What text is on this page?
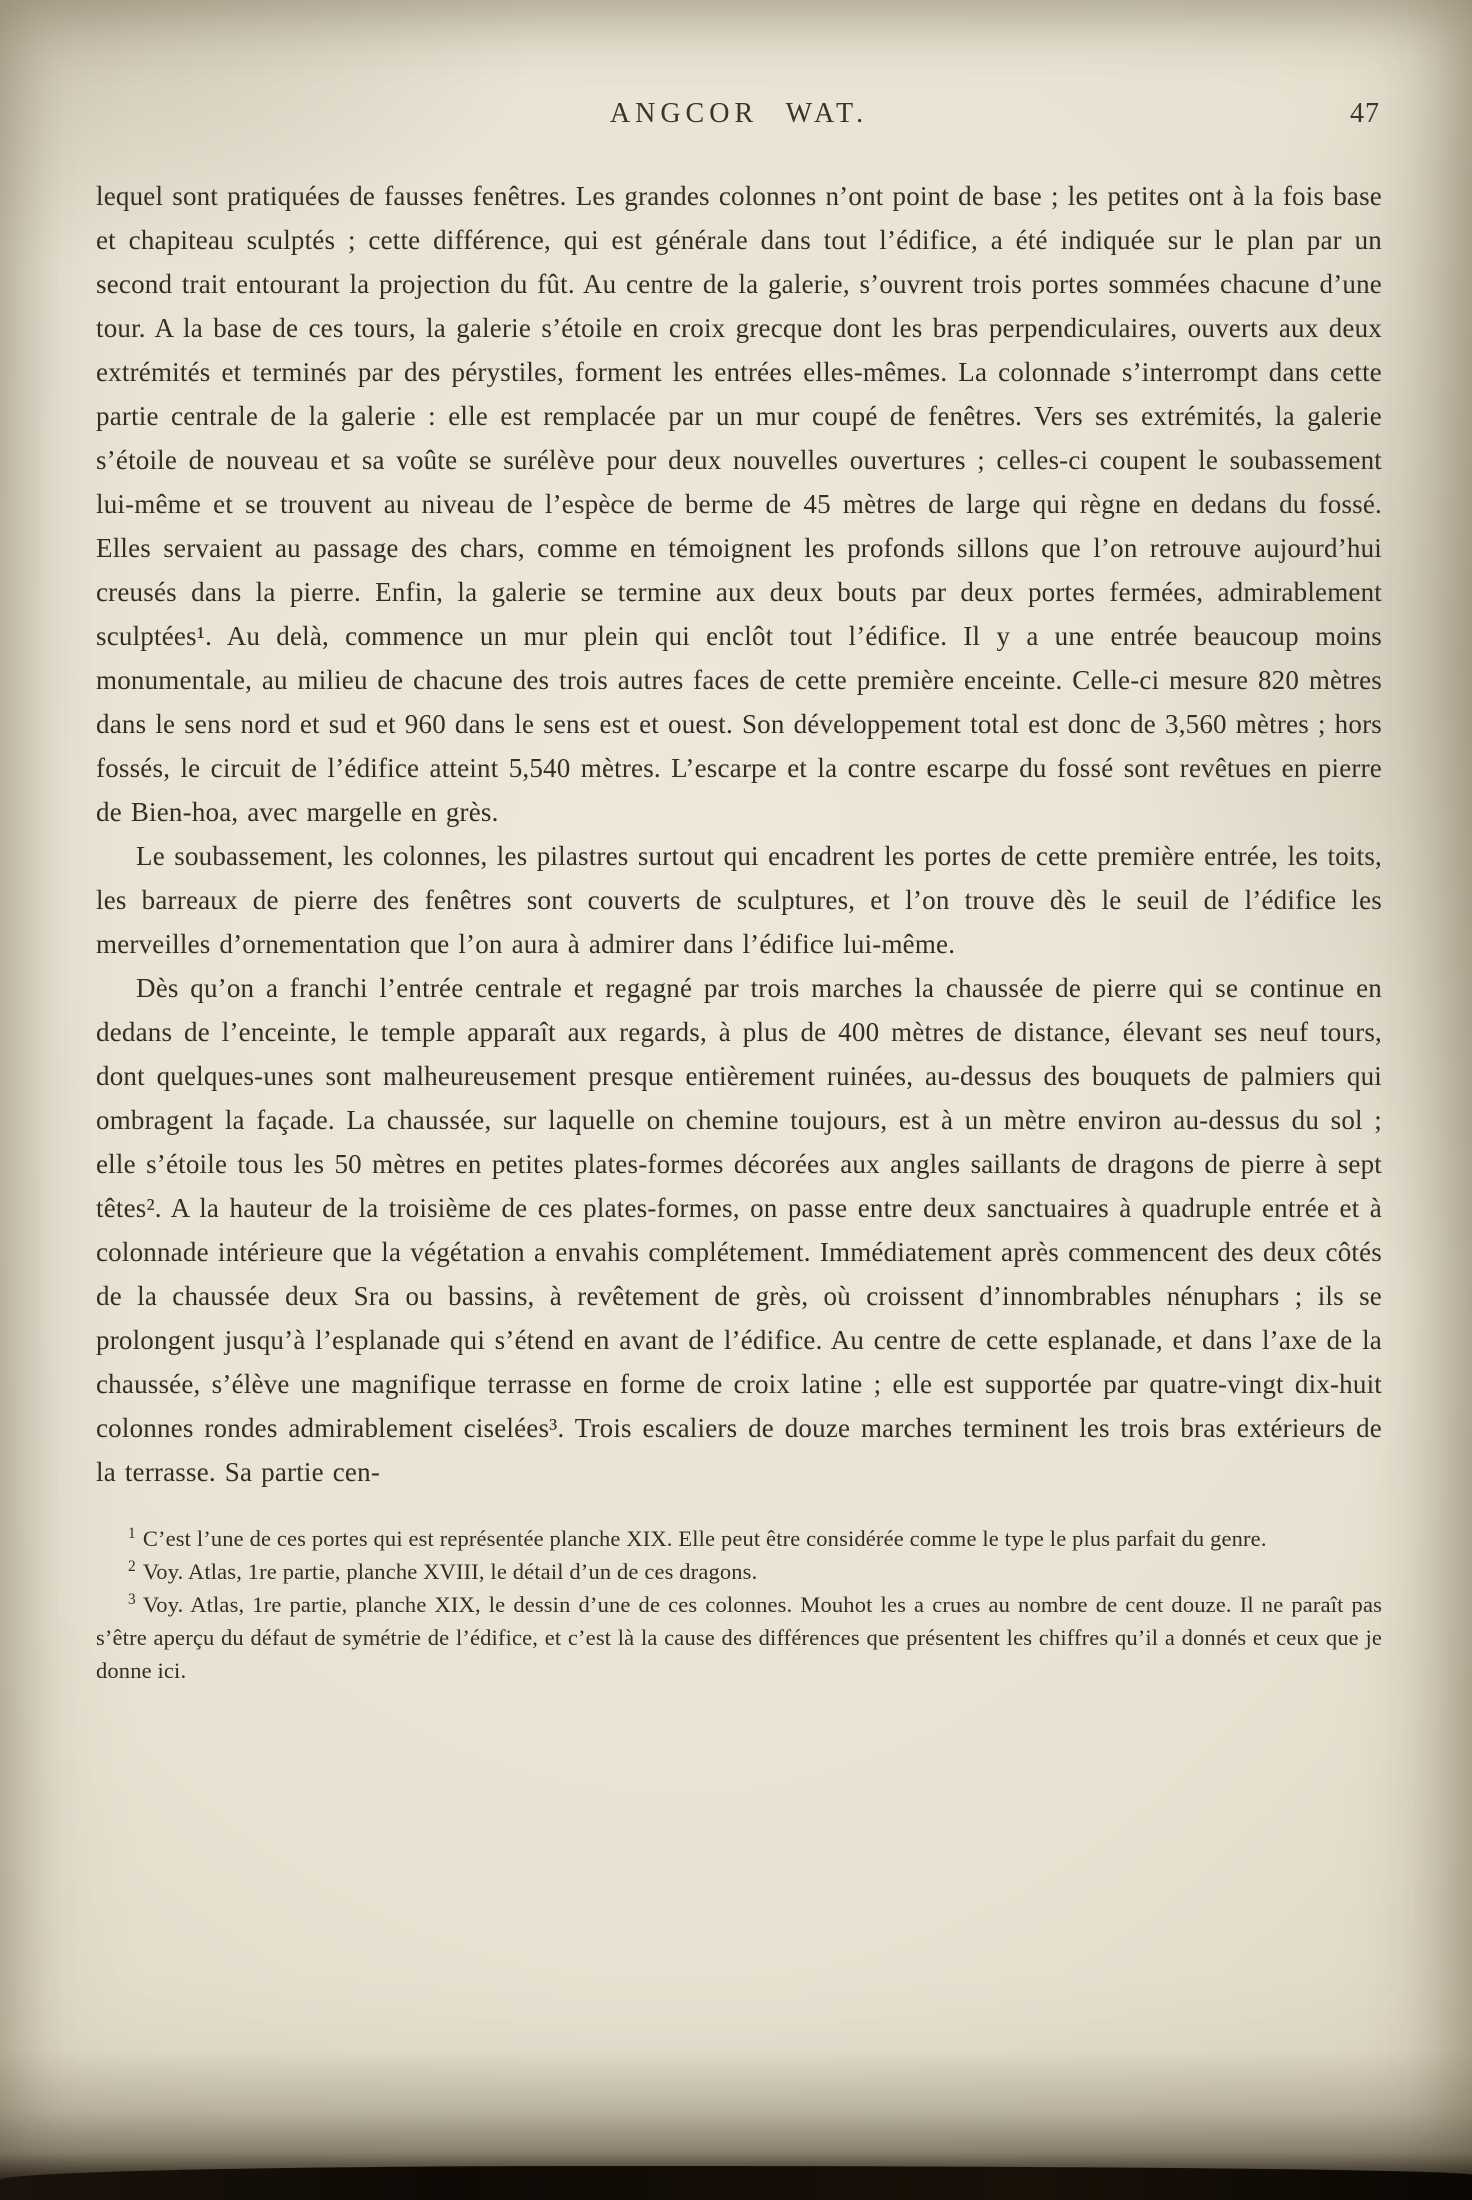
ANGCOR WAT.	47

lequel sont pratiquées de fausses fenêtres. Les grandes colonnes n’ont point de base ; les petites ont à la fois base et chapiteau sculptés ; cette différence, qui est générale dans tout l’édifice, a été indiquée sur le plan par un second trait entourant la projection du fût. Au centre de la galerie, s’ouvrent trois portes sommées chacune d’une tour. A la base de ces tours, la galerie s’étoile en croix grecque dont les bras perpendiculaires, ouverts aux deux extrémités et terminés par des pérystiles, forment les entrées elles-mêmes. La colonnade s’interrompt dans cette partie centrale de la galerie : elle est remplacée par un mur coupé de fenêtres. Vers ses extrémités, la galerie s’étoile de nouveau et sa voûte se surélève pour deux nouvelles ouvertures ; celles-ci coupent le soubassement lui-même et se trouvent au niveau de l’espèce de berme de 45 mètres de large qui règne en dedans du fossé. Elles servaient au passage des chars, comme en témoignent les profonds sillons que l’on retrouve aujourd’hui creusés dans la pierre. Enfin, la galerie se termine aux deux bouts par deux portes fermées, admirablement sculptées¹. Au delà, commence un mur plein qui enclôt tout l’édifice. Il y a une entrée beaucoup moins monumentale, au milieu de chacune des trois autres faces de cette première enceinte. Celle-ci mesure 820 mètres dans le sens nord et sud et 960 dans le sens est et ouest. Son développement total est donc de 3,560 mètres ; hors fossés, le circuit de l’édifice atteint 5,540 mètres. L’escarpe et la contre escarpe du fossé sont revêtues en pierre de Bien-hoa, avec margelle en grès.

Le soubassement, les colonnes, les pilastres surtout qui encadrent les portes de cette première entrée, les toits, les barreaux de pierre des fenêtres sont couverts de sculptures, et l’on trouve dès le seuil de l’édifice les merveilles d’ornementation que l’on aura à admirer dans l’édifice lui-même.

Dès qu’on a franchi l’entrée centrale et regagné par trois marches la chaussée de pierre qui se continue en dedans de l’enceinte, le temple apparaît aux regards, à plus de 400 mètres de distance, élevant ses neuf tours, dont quelques-unes sont malheureusement presque entièrement ruinées, au-dessus des bouquets de palmiers qui ombragent la façade. La chaussée, sur laquelle on chemine toujours, est à un mètre environ au-dessus du sol ; elle s’étoile tous les 50 mètres en petites plates-formes décorées aux angles saillants de dragons de pierre à sept têtes². A la hauteur de la troisième de ces plates-formes, on passe entre deux sanctuaires à quadruple entrée et à colonnade intérieure que la végétation a envahis complétement. Immédiatement après commencent des deux côtés de la chaussée deux Sra ou bassins, à revêtement de grès, où croissent d’innombrables nénuphars ; ils se prolongent jusqu’à l’esplanade qui s’étend en avant de l’édifice. Au centre de cette esplanade, et dans l’axe de la chaussée, s’élève une magnifique terrasse en forme de croix latine ; elle est supportée par quatre-vingt dix-huit colonnes rondes admirablement ciselées³. Trois escaliers de douze marches terminent les trois bras extérieurs de la terrasse. Sa partie cen-

$^1$ C’est l’une de ces portes qui est représentée planche XIX. Elle peut être considérée comme le type le plus parfait du genre.

$^2$ Voy. Atlas, 1re partie, planche XVIII, le détail d’un de ces dragons.

$^3$ Voy. Atlas, 1re partie, planche XIX, le dessin d’une de ces colonnes. Mouhot les a crues au nombre de cent douze. Il ne paraît pas s’être aperçu du défaut de symétrie de l’édifice, et c’est là la cause des différences que présentent les chiffres qu’il a donnés et ceux que je donne ici.
